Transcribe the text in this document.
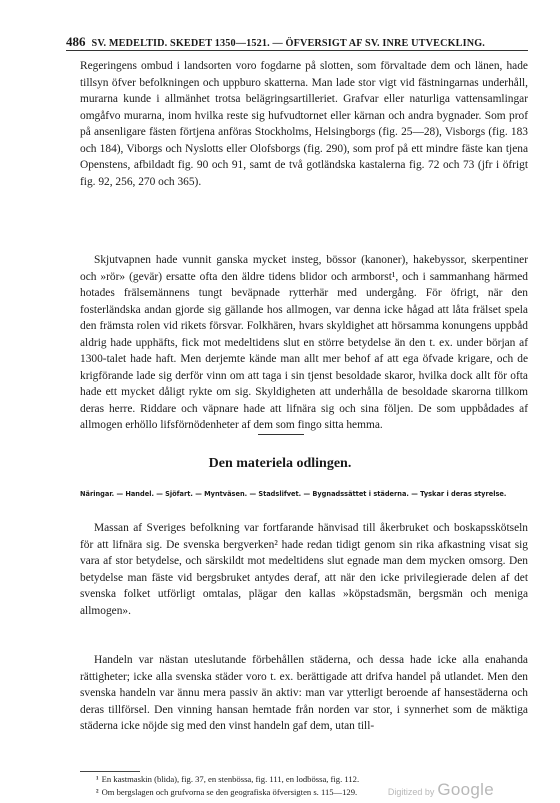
486 SV. MEDELTID. SKEDET 1350—1521. — ÖFVERSIGT AF SV. INRE UTVECKLING.

Regeringens ombud i landsorten voro fogdarne på slotten, som förvaltade dem och länen, hade tillsyn öfver befolkningen och uppburo skatterna. Man lade stor vigt vid fästningarnas underhåll, murarna kunde i allmänhet trotsa belägringsartilleriet. Grafvar eller naturliga vattensamlingar omgåfvo murarna, inom hvilka reste sig hufvudtornet eller kärnan och andra bygnader. Som prof på ansenligare fästen förtjena anföras Stockholms, Helsingborgs (fig. 25—28), Visborgs (fig. 183 och 184), Viborgs och Nyslotts eller Olofsborgs (fig. 290), som prof på ett mindre fäste kan tjena Openstens, afbildadt fig. 90 och 91, samt de två gotländska kastalerna fig. 72 och 73 (jfr i öfrigt fig. 92, 256, 270 och 365).

Skjutvapnen hade vunnit ganska mycket insteg, bössor (kanoner), hakebyssor, skerpentiner och »rör» (gevär) ersatte ofta den äldre tidens blidor och armborst¹, och i sammanhang härmed hotades frälsemännens tungt beväpnade rytterhär med undergång. För öfrigt, när den fosterländska andan gjorde sig gällande hos allmogen, var denna icke hågad att låta frälset spela den främsta rolen vid rikets försvar. Folkhären, hvars skyldighet att hörsamma konungens uppbåd aldrig hade upphäfts, fick mot medeltidens slut en större betydelse än den t. ex. under början af 1300-talet hade haft. Men derjemte kände man allt mer behof af att ega öfvade krigare, och de krigförande lade sig derför vinn om att taga i sin tjenst besoldade skaror, hvilka dock allt för ofta hade ett mycket dåligt rykte om sig. Skyldigheten att underhålla de besoldade skarorna tillkom deras herre. Riddare och väpnare hade att lifnära sig och sina följen. De som uppbådades af allmogen erhöllo lifsförnödenheter af dem som fingo sitta hemma.

Den materiela odlingen.

Näringar. — Handel. — Sjöfart. — Myntväsen. — Stadslifvet. — Bygnadssättet i städerna. — Tyskar i deras styrelse.

Massan af Sveriges befolkning var fortfarande hänvisad till åkerbruket och boskapsskötseln för att lifnära sig. De svenska bergverken² hade redan tidigt genom sin rika afkastning visat sig vara af stor betydelse, och särskildt mot medeltidens slut egnade man dem mycken omsorg. Den betydelse man fäste vid bergsbruket antydes deraf, att när den icke privilegierade delen af det svenska folket utförligt omtalas, plägar den kallas »köpstadsmän, bergsmän och meniga allmogen».

Handeln var nästan uteslutande förbehållen städerna, och dessa hade icke alla enahanda rättigheter; icke alla svenska städer voro t. ex. berättigade att drifva handel på utlandet. Men den svenska handeln var ännu mera passiv än aktiv: man var ytterligt beroende af hansestäderna och deras tillförsel. Den vinning hansan hemtade från norden var stor, i synnerhet som de mäktiga städerna icke nöjde sig med den vinst handeln gaf dem, utan till-

¹ En kastmaskin (blida), fig. 37, en stenbössa, fig. 111, en lodbössa, fig. 112.

² Om bergslagen och grufvorna se den geografiska öfversigten s. 115—129.	Digitized by Google
